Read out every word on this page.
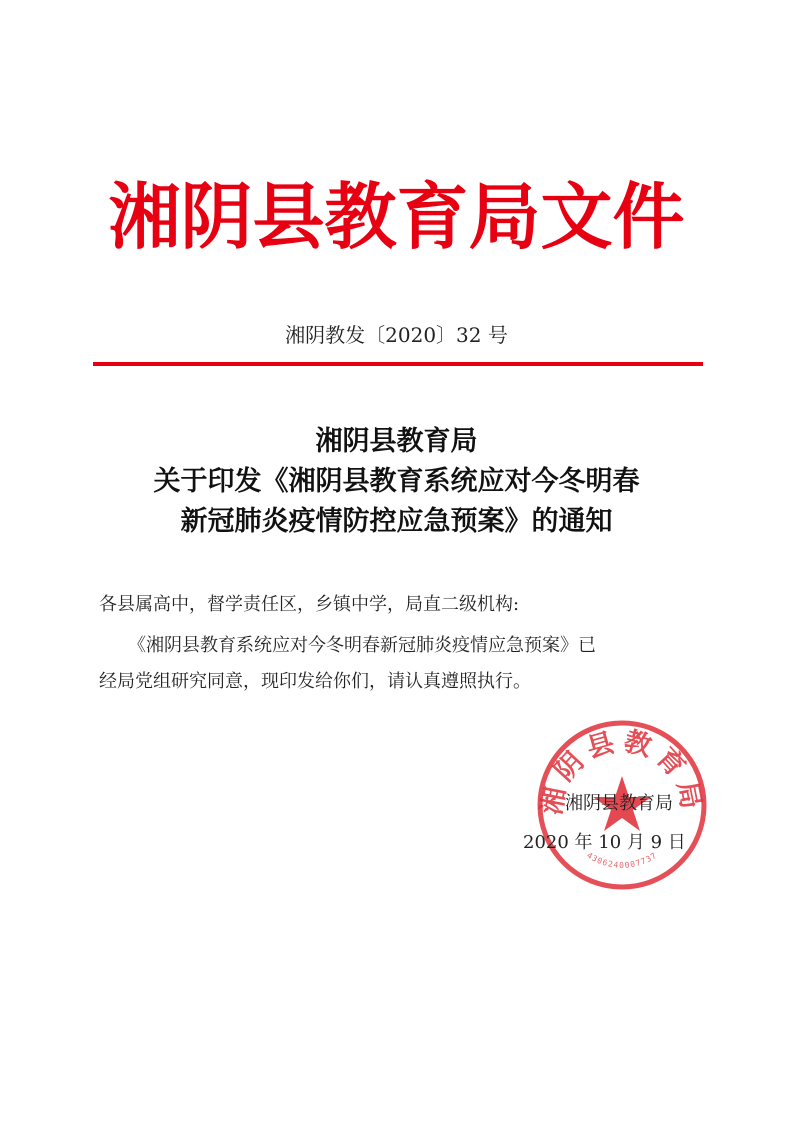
湘阴县教育局文件
湘阴教发〔2020〕32 号
湘阴县教育局
关于印发《湘阴县教育系统应对今冬明春
新冠肺炎疫情防控应急预案》的通知
各县属高中，督学责任区，乡镇中学，局直二级机构:
《湘阴县教育系统应对今冬明春新冠肺炎疫情应急预案》已
经局党组研究同意，现印发给你们，请认真遵照执行。
湘阴县教育局
4306240007737
湘阴县教育局
2020 年 10 月 9 日
